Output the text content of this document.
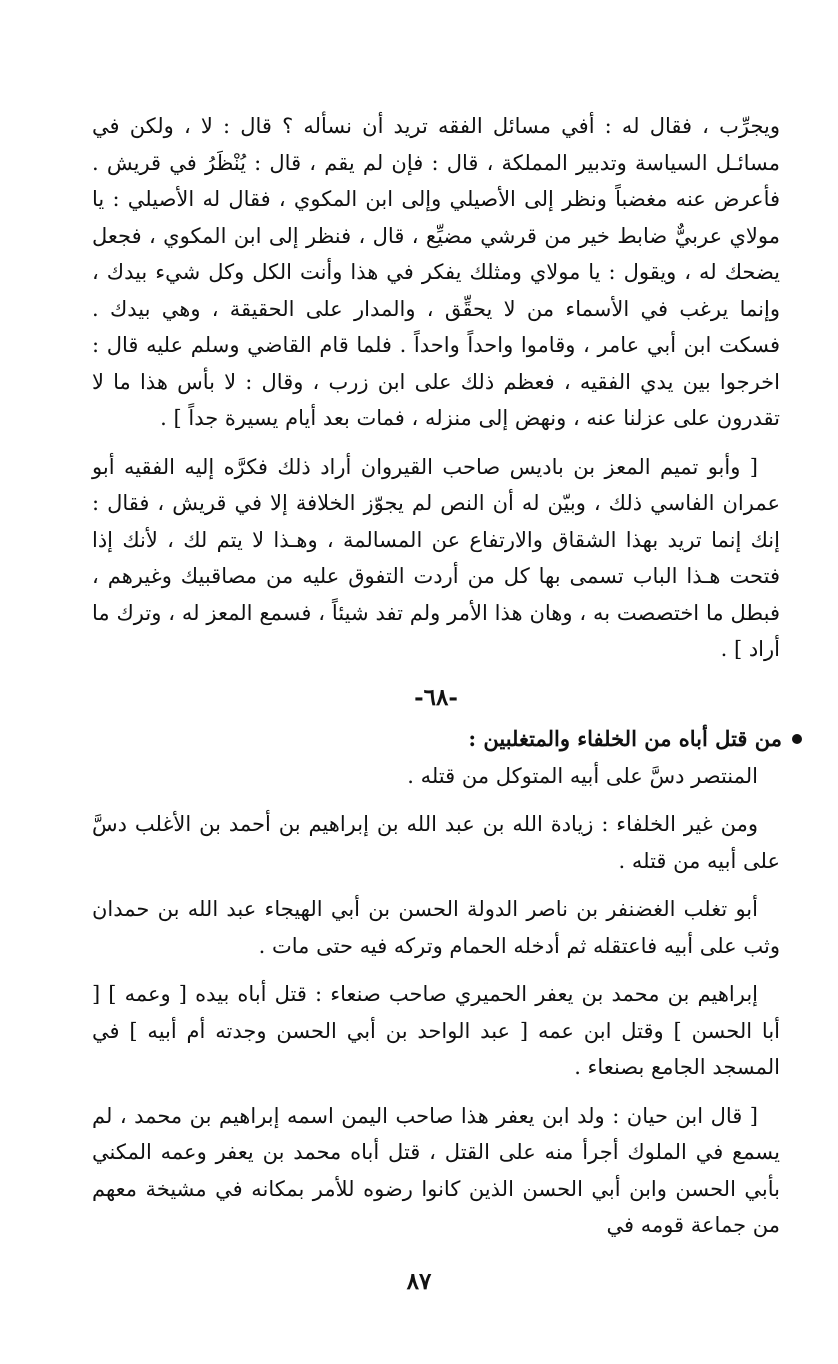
ويجرِّب ، فقال له : أفي مسائل الفقه تريد أن نسأله ؟ قال : لا ، ولكن في مسائـل السياسة وتدبير المملكة ، قال : فإن لم يقم ، قال : يُنْظَرُ في قريش . فأعرض عنه مغضباً ونظر إلى الأصيلي وإلى ابن المكوي ، فقال له الأصيلي : يا مولاي عربيٌّ ضابط خير من قرشي مضيِّع ، قال ، فنظر إلى ابن المكوي ، فجعل يضحك له ، ويقول : يا مولاي ومثلك يفكر في هذا وأنت الكل وكل شيء بيدك ، وإنما يرغب في الأسماء من لا يحقِّق ، والمدار على الحقيقة ، وهي بيدك . فسكت ابن أبي عامر ، وقاموا واحداً واحداً . فلما قام القاضي وسلم عليه قال : اخرجوا بين يدي الفقيه ، فعظم ذلك على ابن زرب ، وقال : لا بأس هذا ما لا تقدرون على عزلنا عنه ، ونهض إلى منزله ، فمات بعد أيام يسيرة جداً ] .

[ وأبو تميم المعز بن باديس صاحب القيروان أراد ذلك فكرَّه إليه الفقيه أبو عمران الفاسي ذلك ، وبيّن له أن النص لم يجوّز الخلافة إلا في قريش ، فقال : إنك إنما تريد بهذا الشقاق والارتفاع عن المسالمة ، وهـذا لا يتم لك ، لأنك إذا فتحت هـذا الباب تسمى بها كل من أردت التفوق عليه من مصاقبيك وغيرهم ، فبطل ما اختصصت به ، وهان هذا الأمر ولم تفد شيئاً ، فسمع المعز له ، وترك ما أراد ] .

-٦٨-
من قتل أباه من الخلفاء والمتغلبين :

المنتصر دسَّ على أبيه المتوكل من قتله .

ومن غير الخلفاء : زيادة الله بن عبد الله بن إبراهيم بن أحمد بن الأغلب دسَّ على أبيه من قتله .

أبو تغلب الغضنفر بن ناصر الدولة الحسن بن أبي الهيجاء عبد الله بن حمدان وثب على أبيه فاعتقله ثم أدخله الحمام وتركه فيه حتى مات .

إبراهيم بن محمد بن يعفر الحميري صاحب صنعاء : قتل أباه بيده [ وعمه ] [ أبا الحسن ] وقتل ابن عمه [ عبد الواحد بن أبي الحسن وجدته أم أبيه ] في المسجد الجامع بصنعاء .

[ قال ابن حيان : ولد ابن يعفر هذا صاحب اليمن اسمه إبراهيم بن محمد ، لم يسمع في الملوك أجرأ منه على القتل ، قتل أباه محمد بن يعفر وعمه المكني بأبي الحسن وابن أبي الحسن الذين كانوا رضوه للأمر بمكانه في مشيخة معهم من جماعة قومه في

٨٧
